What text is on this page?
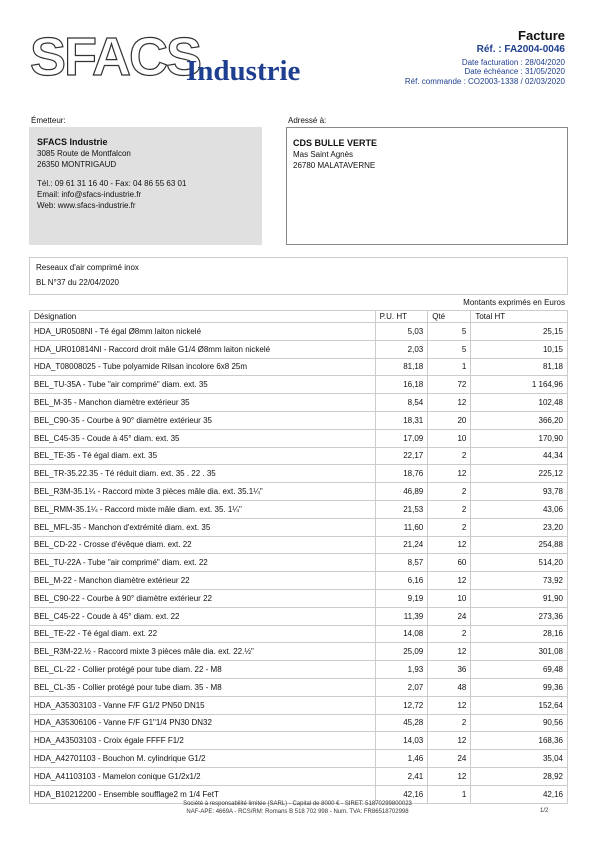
SFACS
Industrie
Facture
Réf. : FA2004-0046
Date facturation : 28/04/2020
Date échéance : 31/05/2020
Réf. commande : CO2003-1338 / 02/03/2020
Émetteur:
SFACS Industrie
3085 Route de Montfalcon
26350 MONTRIGAUD
Tél.: 09 61 31 16 40 - Fax: 04 86 55 63 01
Email: info@sfacs-industrie.fr
Web: www.sfacs-industrie.fr
Adressé à:
CDS BULLE VERTE
Mas Saint Agnès
26780 MALATAVERNE
Reseaux d'air comprimé inox
BL N°37 du 22/04/2020
Montants exprimés en Euros
Désignation	P.U. HT	Qté	Total HT
HDA_UR0508NI - Té égal Ø8mm laiton nickelé	5,03	5	25,15
HDA_UR010814NI - Raccord droit mâle G1/4 Ø8mm laiton nickelé	2,03	5	10,15
HDA_T08008025 - Tube polyamide Rilsan incolore 6x8 25m	81,18	1	81,18
BEL_TU-35A - Tube "air comprimé" diam. ext. 35	16,18	72	1 164,96
BEL_M-35 - Manchon diamètre extérieur 35	8,54	12	102,48
BEL_C90-35 - Courbe à 90° diamètre extérieur 35	18,31	20	366,20
BEL_C45-35 - Coude à 45° diam. ext. 35	17,09	10	170,90
BEL_TE-35 - Té égal diam. ext. 35	22,17	2	44,34
BEL_TR-35.22.35 - Té réduit diam. ext. 35 . 22 . 35	18,76	12	225,12
BEL_R3M-35.1¼ - Raccord mixte 3 pièces mâle dia. ext. 35.1¼"	46,89	2	93,78
BEL_RMM-35.1¼ - Raccord mixte mâle diam. ext. 35. 1¼"	21,53	2	43,06
BEL_MFL-35 - Manchon d'extrémité diam. ext. 35	11,60	2	23,20
BEL_CD-22 - Crosse d'évêque diam. ext. 22	21,24	12	254,88
BEL_TU-22A - Tube "air comprimé" diam. ext. 22	8,57	60	514,20
BEL_M-22 - Manchon diamètre extérieur 22	6,16	12	73,92
BEL_C90-22 - Courbe à 90° diamètre extérieur 22	9,19	10	91,90
BEL_C45-22 - Coude à 45° diam. ext. 22	11,39	24	273,36
BEL_TE-22 - Té égal diam. ext. 22	14,08	2	28,16
BEL_R3M-22.½ - Raccord mixte 3 pièces mâle dia. ext. 22.½"	25,09	12	301,08
BEL_CL-22 - Collier protégé pour tube diam. 22 - M8	1,93	36	69,48
BEL_CL-35 - Collier protégé pour tube diam. 35 - M8	2,07	48	99,36
HDA_A35303103 - Vanne F/F G1/2 PN50 DN15	12,72	12	152,64
HDA_A35306106 - Vanne F/F G1"1/4 PN30 DN32	45,28	2	90,56
HDA_A43503103 - Croix égale FFFF F1/2	14,03	12	168,36
HDA_A42701103 - Bouchon M. cylindrique G1/2	1,46	24	35,04
HDA_A41103103 - Mamelon conique G1/2x1/2	2,41	12	28,92
HDA_B10212200 - Ensemble soufflage2 m 1/4 FetT	42,16	1	42,16
Société à responsabilité limitée (SARL) - Capital de 8000 € - SIRET: 51870299800023
NAF-APE: 4669A - RCS/RM: Romans B 518 702 998 - Num. TVA: FR86518702998	1/2
